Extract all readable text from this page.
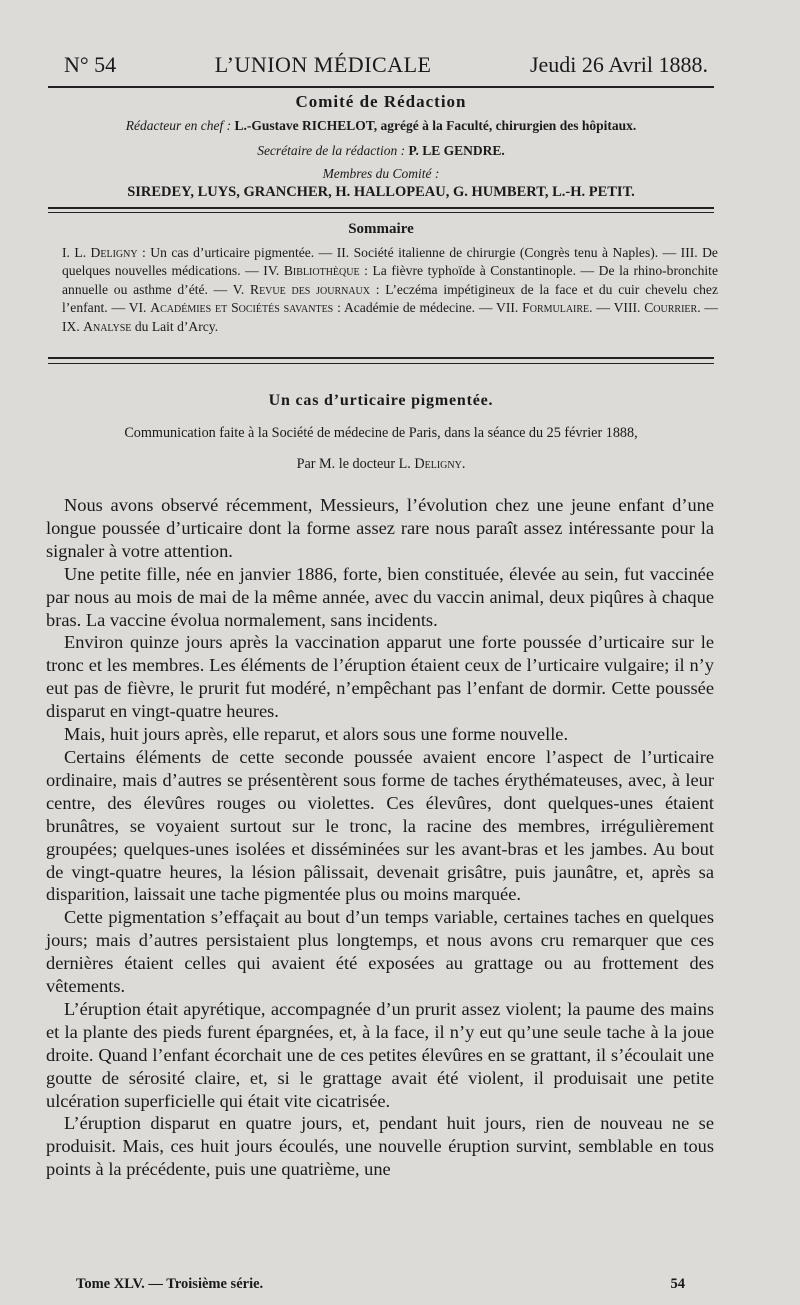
N° 54	L’UNION MÉDICALE	Jeudi 26 Avril 1888.
Comité de Rédaction
Rédacteur en chef : L.-Gustave RICHELOT, agrégé à la Faculté, chirurgien des hôpitaux.
Secrétaire de la rédaction : P. LE GENDRE.
Membres du Comité :
SIREDEY, LUYS, GRANCHER, H. HALLOPEAU, G. HUMBERT, L.-H. PETIT.
Sommaire
I. L. Deligny : Un cas d’urticaire pigmentée. — II. Société italienne de chirurgie (Congrès tenu à Naples). — III. De quelques nouvelles médications. — IV. Bibliothèque : La fièvre typhoïde à Constantinople. — De la rhino-bronchite annuelle ou asthme d’été. — V. Revue des journaux : L’eczéma impétigineux de la face et du cuir chevelu chez l’enfant. — VI. Académies et Sociétés savantes : Académie de médecine. — VII. Formulaire. — VIII. Courrier. — IX. Analyse du Lait d’Arcy.
Un cas d’urticaire pigmentée.
Communication faite à la Société de médecine de Paris, dans la séance du 25 février 1888,
Par M. le docteur L. Deligny.

Nous avons observé récemment, Messieurs, l’évolution chez une jeune enfant d’une longue poussée d’urticaire dont la forme assez rare nous paraît assez intéressante pour la signaler à votre attention.

Une petite fille, née en janvier 1886, forte, bien constituée, élevée au sein, fut vaccinée par nous au mois de mai de la même année, avec du vaccin animal, deux piqûres à chaque bras. La vaccine évolua normalement, sans incidents.

Environ quinze jours après la vaccination apparut une forte poussée d’urticaire sur le tronc et les membres. Les éléments de l’éruption étaient ceux de l’urticaire vulgaire; il n’y eut pas de fièvre, le prurit fut modéré, n’empêchant pas l’enfant de dormir. Cette poussée disparut en vingt-quatre heures.

Mais, huit jours après, elle reparut, et alors sous une forme nouvelle.

Certains éléments de cette seconde poussée avaient encore l’aspect de l’urticaire ordinaire, mais d’autres se présentèrent sous forme de taches érythémateuses, avec, à leur centre, des élevûres rouges ou violettes. Ces élevûres, dont quelques-unes étaient brunâtres, se voyaient surtout sur le tronc, la racine des membres, irrégulièrement groupées; quelques-unes isolées et disséminées sur les avant-bras et les jambes. Au bout de vingt-quatre heures, la lésion pâlissait, devenait grisâtre, puis jaunâtre, et, après sa disparition, laissait une tache pigmentée plus ou moins marquée.

Cette pigmentation s’effaçait au bout d’un temps variable, certaines taches en quelques jours; mais d’autres persistaient plus longtemps, et nous avons cru remarquer que ces dernières étaient celles qui avaient été exposées au grattage ou au frottement des vêtements.

L’éruption était apyrétique, accompagnée d’un prurit assez violent; la paume des mains et la plante des pieds furent épargnées, et, à la face, il n’y eut qu’une seule tache à la joue droite. Quand l’enfant écorchait une de ces petites élevûres en se grattant, il s’écoulait une goutte de sérosité claire, et, si le grattage avait été violent, il produisait une petite ulcération superficielle qui était vite cicatrisée.

L’éruption disparut en quatre jours, et, pendant huit jours, rien de nouveau ne se produisit. Mais, ces huit jours écoulés, une nouvelle éruption survint, semblable en tous points à la précédente, puis une quatrième, une

Tome XLV. — Troisième série.	54
